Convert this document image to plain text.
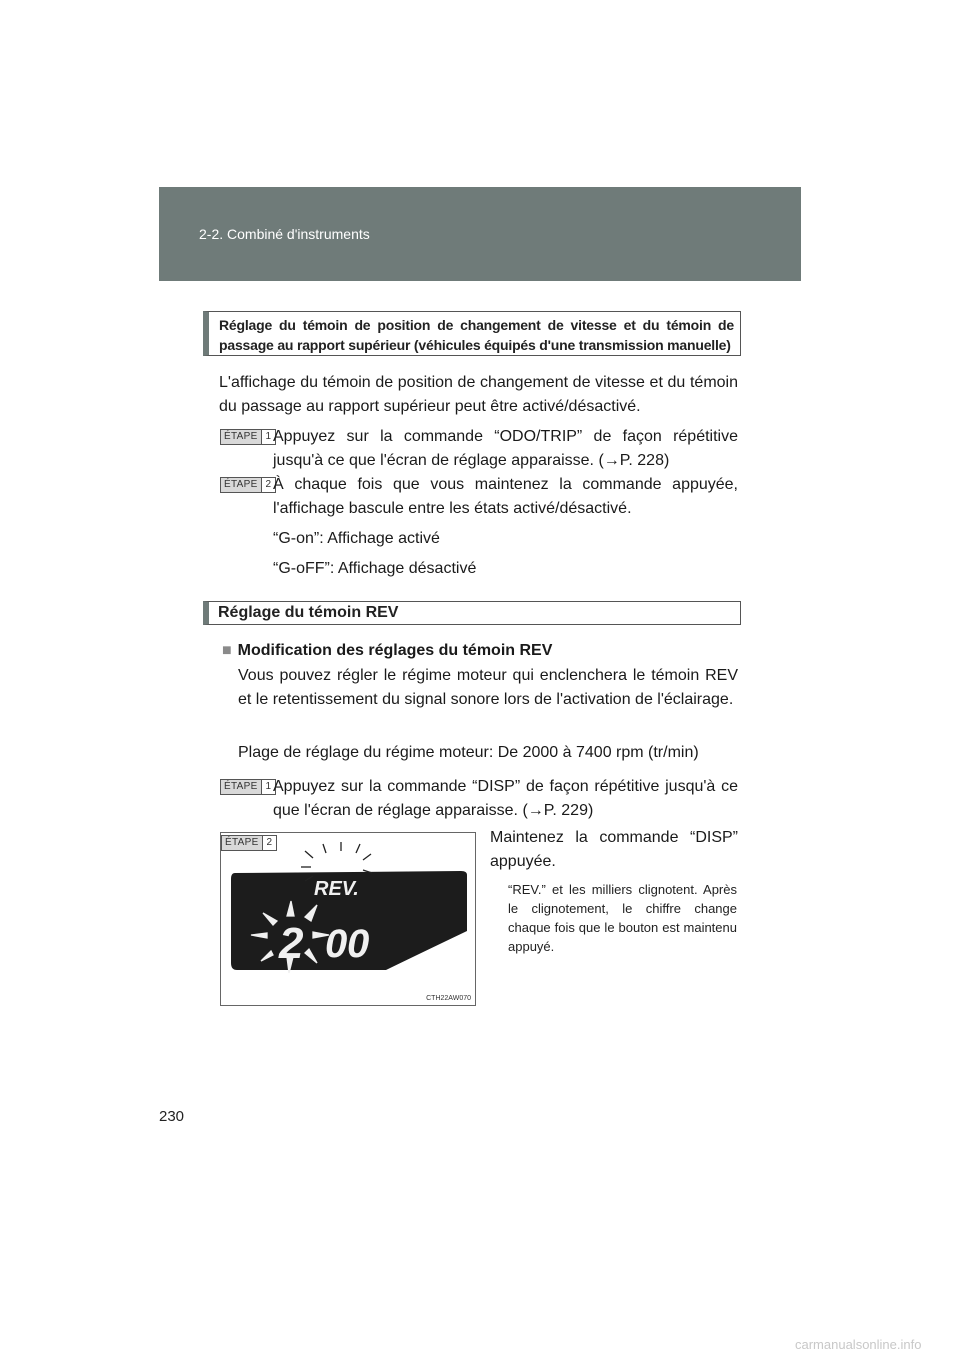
2-2. Combiné d'instruments
Réglage du témoin de position de changement de vitesse et du témoin de passage au rapport supérieur (véhicules équipés d'une transmission manuelle)
L'affichage du témoin de position de changement de vitesse et du témoin du passage au rapport supérieur peut être activé/désactivé.
ÉTAPE 1 Appuyez sur la commande “ODO/TRIP” de façon répétitive jusqu'à ce que l'écran de réglage apparaisse. (→P. 228)
ÉTAPE 2 À chaque fois que vous maintenez la commande appuyée, l'affichage bascule entre les états activé/désactivé.
“G-on”: Affichage activé
“G-oFF”: Affichage désactivé
Réglage du témoin REV
■ Modification des réglages du témoin REV
Vous pouvez régler le régime moteur qui enclenchera le témoin REV et le retentissement du signal sonore lors de l'activation de l'éclairage.
Plage de réglage du régime moteur: De 2000 à 7400 rpm (tr/min)
ÉTAPE 1 Appuyez sur la commande “DISP” de façon répétitive jusqu'à ce que l'écran de réglage apparaisse. (→P. 229)
Maintenez la commande “DISP” appuyée.
ÉTAPE 2
REV.
2 0 0
CTH22AW070
“REV.” et les milliers clignotent. Après le clignotement, le chiffre change chaque fois que le bouton est maintenu appuyé.
230
carmanualsonline.info
